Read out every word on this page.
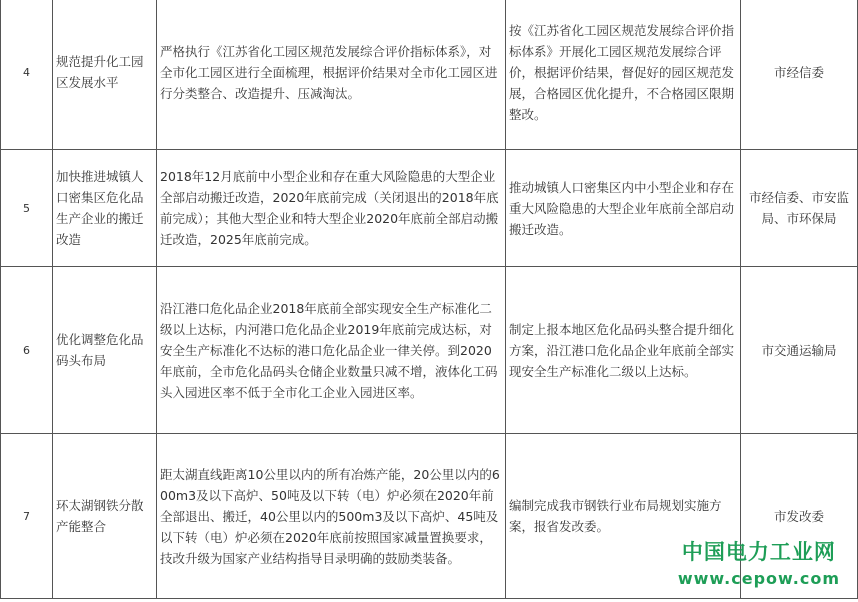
4	规范提升化工园区发展水平	严格执行《江苏省化工园区规范发展综合评价指标体系》，对全市化工园区进行全面梳理，根据评价结果对全市化工园区进行分类整合、改造提升、压减淘汰。	按《江苏省化工园区规范发展综合评价指标体系》开展化工园区规范发展综合评价，根据评价结果，督促好的园区规范发展，合格园区优化提升，不合格园区限期整改。	市经信委
5	加快推进城镇人口密集区危化品生产企业的搬迁改造	2018年12月底前中小型企业和存在重大风险隐患的大型企业全部启动搬迁改造，2020年底前完成（关闭退出的2018年底前完成）；其他大型企业和特大型企业2020年底前全部启动搬迁改造，2025年底前完成。	推动城镇人口密集区内中小型企业和存在重大风险隐患的大型企业年底前全部启动搬迁改造。	市经信委、市安监局、市环保局
6	优化调整危化品码头布局	沿江港口危化品企业2018年底前全部实现安全生产标准化二级以上达标，内河港口危化品企业2019年底前完成达标，对安全生产标准化不达标的港口危化品企业一律关停。到2020年底前，全市危化品码头仓储企业数量只减不增，液体化工码头入园进区率不低于全市化工企业入园进区率。	制定上报本地区危化品码头整合提升细化方案，沿江港口危化品企业年底前全部实现安全生产标准化二级以上达标。	市交通运输局
7	环太湖钢铁分散产能整合	距太湖直线距离10公里以内的所有冶炼产能，20公里以内的600m3及以下高炉、50吨及以下转（电）炉必须在2020年前全部退出、搬迁，40公里以内的500m3及以下高炉、45吨及以下转（电）炉必须在2020年底前按照国家减量置换要求，技改升级为国家产业结构指导目录明确的鼓励类装备。	编制完成我市钢铁行业布局规划实施方案，报省发改委。	市发改委
中国电力工业网
www.cepow.com
